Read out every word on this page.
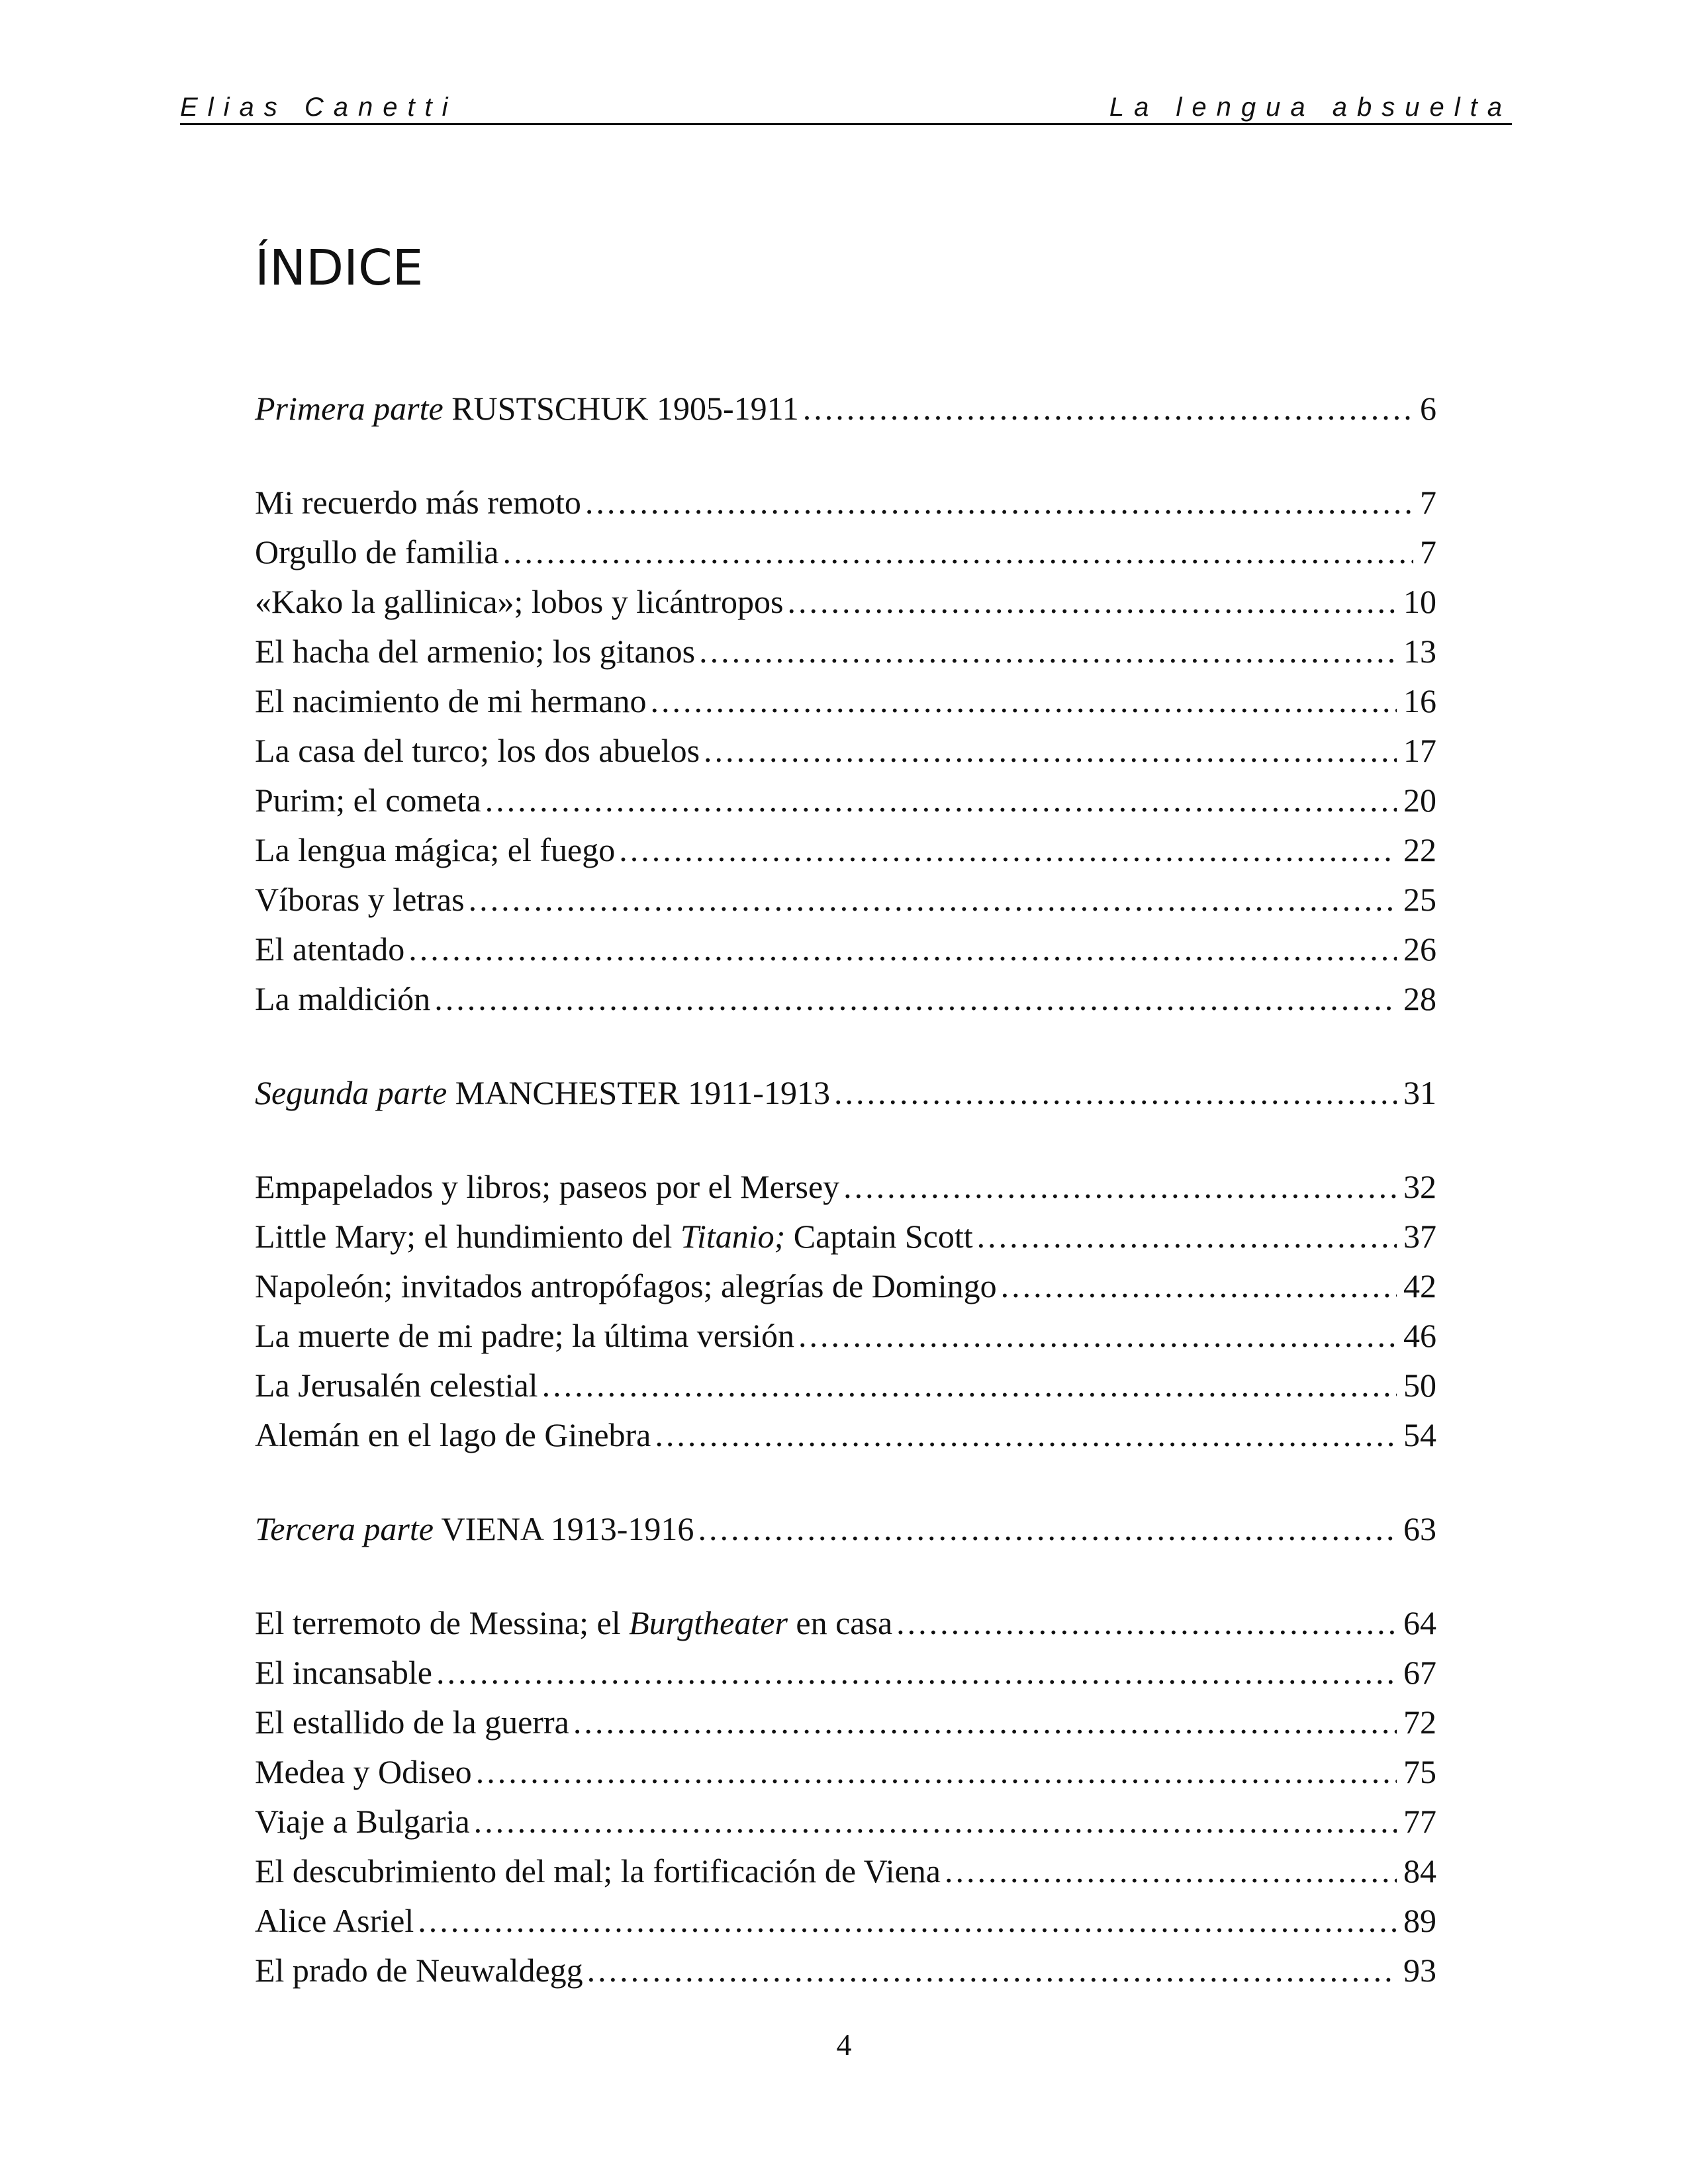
Elias Canetti	La lengua absuelta
ÍNDICE
Primera parte RUSTSCHUK 1905-1911 .....	6
Mi recuerdo más remoto .....	7
Orgullo de familia .....	7
«Kako la gallinica»; lobos y licántropos .....	10
El hacha del armenio; los gitanos .....	13
El nacimiento de mi hermano .....	16
La casa del turco; los dos abuelos .....	17
Purim; el cometa .....	20
La lengua mágica; el fuego .....	22
Víboras y letras .....	25
El atentado .....	26
La maldición .....	28
Segunda parte MANCHESTER 1911-1913 .....	31
Empapelados y libros; paseos por el Mersey .....	32
Little Mary; el hundimiento del Titanio; Captain Scott .....	37
Napoleón; invitados antropófagos; alegrías de Domingo .....	42
La muerte de mi padre; la última versión .....	46
La Jerusalén celestial .....	50
Alemán en el lago de Ginebra .....	54
Tercera parte VIENA 1913-1916 .....	63
El terremoto de Messina; el Burgtheater en casa .....	64
El incansable .....	67
El estallido de la guerra .....	72
Medea y Odiseo .....	75
Viaje a Bulgaria .....	77
El descubrimiento del mal; la fortificación de Viena .....	84
Alice Asriel .....	89
El prado de Neuwaldegg .....	93
4
